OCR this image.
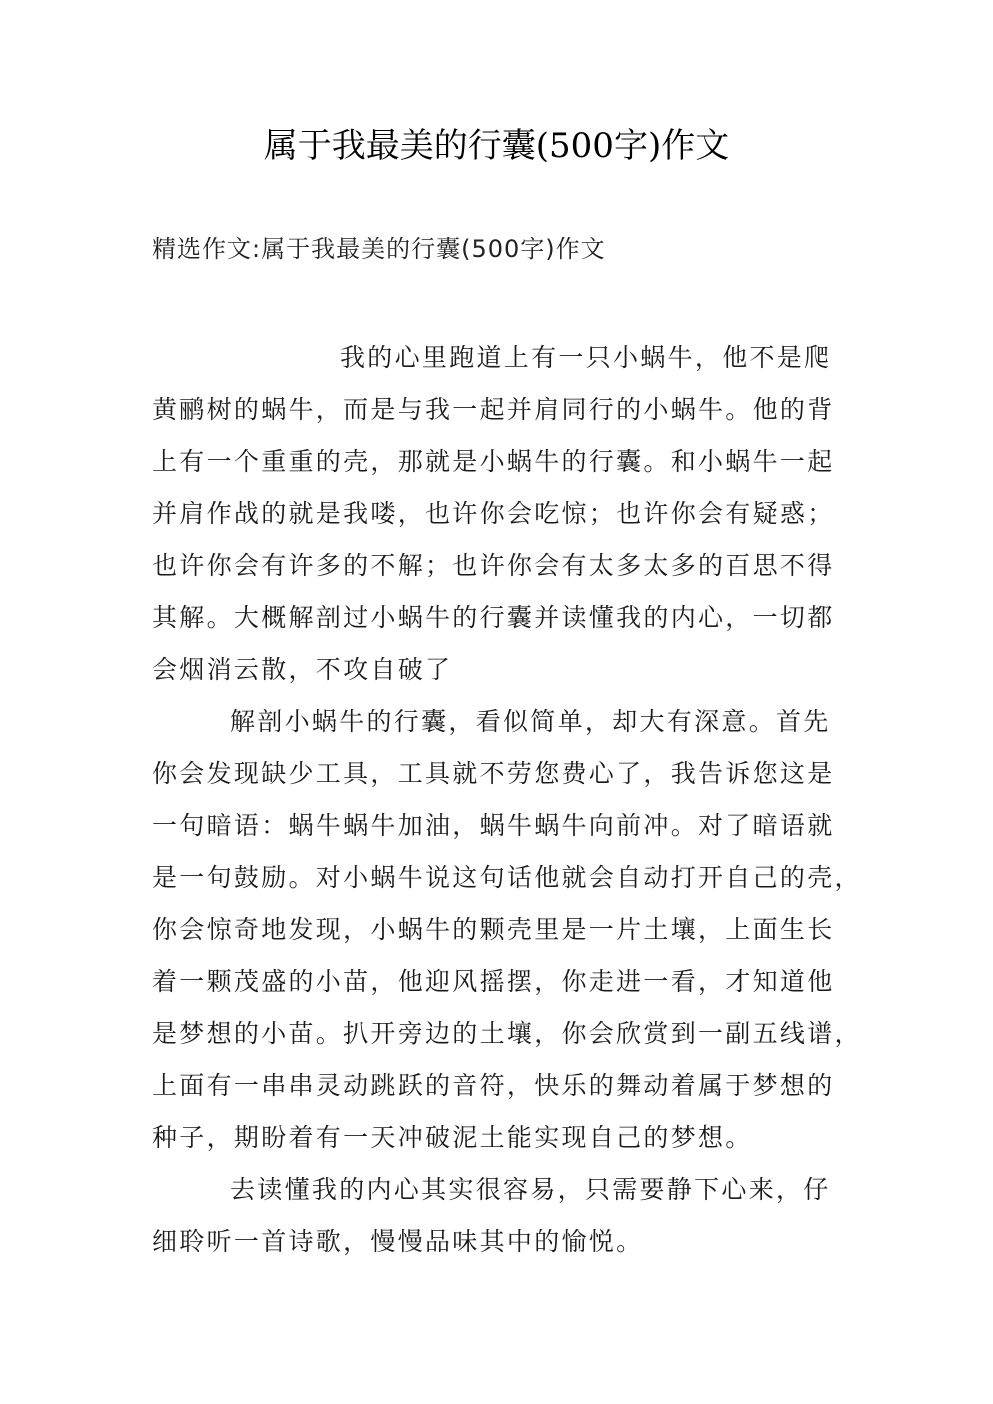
属于我最美的行囊(500字)作文
精选作文:属于我最美的行囊(500字)作文
我的心里跑道上有一只小蜗牛，他不是爬
黄鹂树的蜗牛，而是与我一起并肩同行的小蜗牛。他的背
上有一个重重的壳，那就是小蜗牛的行囊。和小蜗牛一起
并肩作战的就是我喽，也许你会吃惊；也许你会有疑惑；
也许你会有许多的不解；也许你会有太多太多的百思不得
其解。大概解剖过小蜗牛的行囊并读懂我的内心，一切都
会烟消云散，不攻自破了
解剖小蜗牛的行囊，看似简单，却大有深意。首先
你会发现缺少工具，工具就不劳您费心了，我告诉您这是
一句暗语：蜗牛蜗牛加油，蜗牛蜗牛向前冲。对了暗语就
是一句鼓励。对小蜗牛说这句话他就会自动打开自己的壳，
你会惊奇地发现，小蜗牛的颗壳里是一片土壤，上面生长
着一颗茂盛的小苗，他迎风摇摆，你走进一看，才知道他
是梦想的小苗。扒开旁边的土壤，你会欣赏到一副五线谱，
上面有一串串灵动跳跃的音符，快乐的舞动着属于梦想的
种子，期盼着有一天冲破泥土能实现自己的梦想。
去读懂我的内心其实很容易，只需要静下心来，仔
细聆听一首诗歌，慢慢品味其中的愉悦。
